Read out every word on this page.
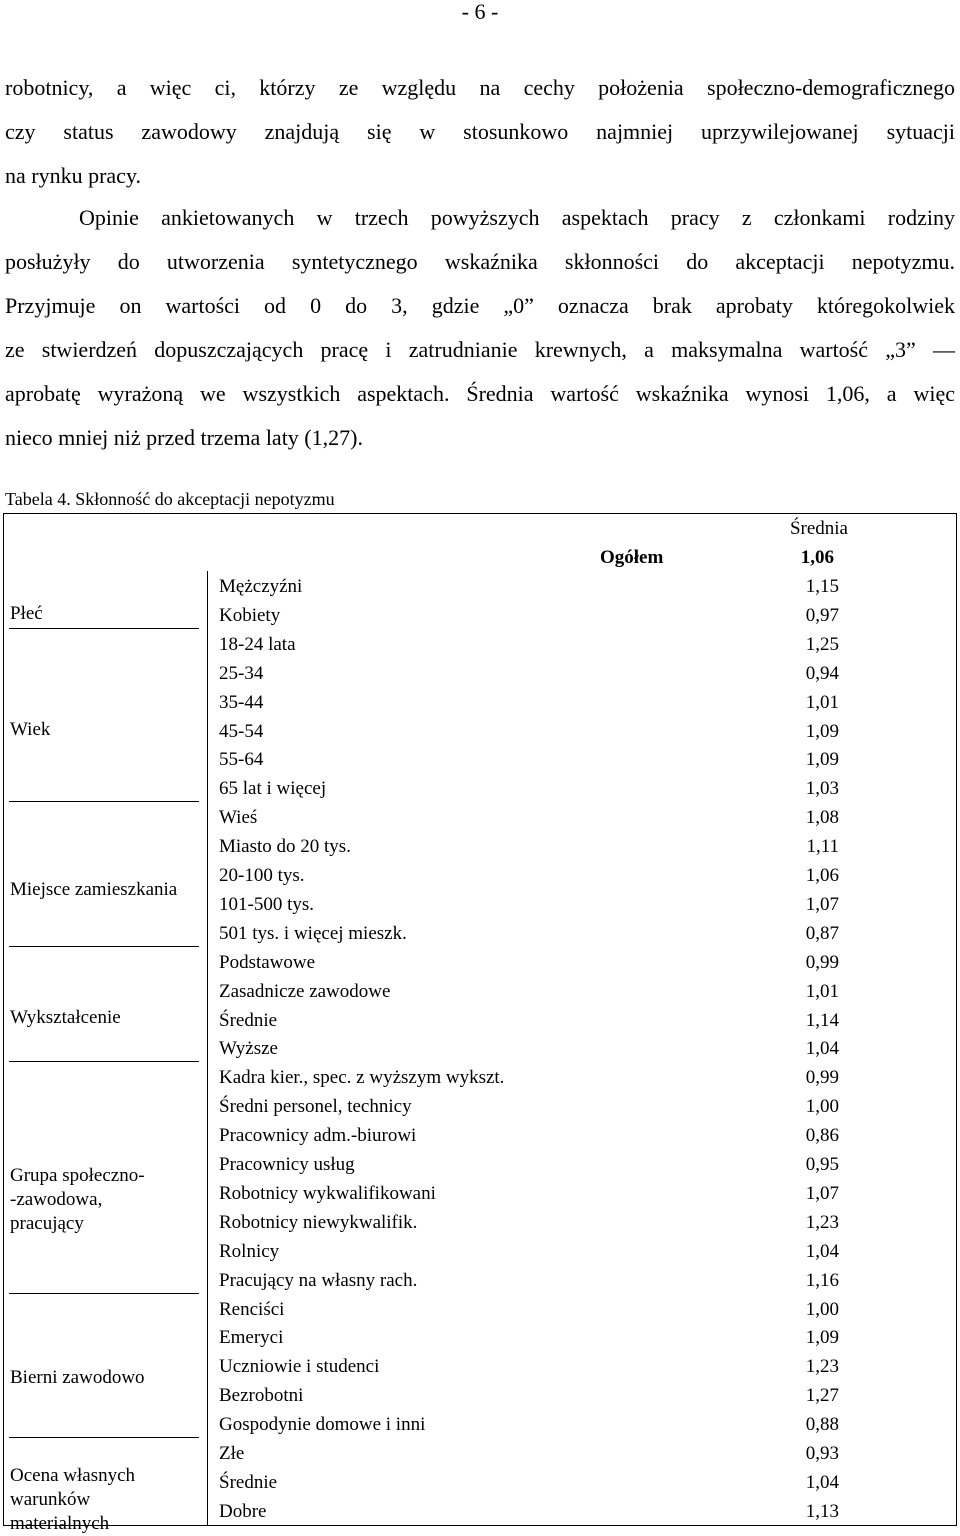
- 6 -
robotnicy, a więc ci, którzy ze względu na cechy położenia społeczno-demograficznego
czy status zawodowy znajdują się w stosunkowo najmniej uprzywilejowanej sytuacji
na rynku pracy.
Opinie ankietowanych w trzech powyższych aspektach pracy z członkami rodziny
posłużyły do utworzenia syntetycznego wskaźnika skłonności do akceptacji nepotyzmu.
Przyjmuje on wartości od 0 do 3, gdzie „0” oznacza brak aprobaty któregokolwiek
ze stwierdzeń dopuszczających pracę i zatrudnianie krewnych, a maksymalna wartość „3” —
aprobatę wyrażoną we wszystkich aspektach. Średnia wartość wskaźnika wynosi 1,06, a więc
nieco mniej niż przed trzema laty (1,27).
Tabela 4. Skłonność do akceptacji nepotyzmu
Średnia
Ogółem	1,06
Płeć
Mężczyźni	1,15
Kobiety	0,97
Wiek
18-24 lata	1,25
25-34	0,94
35-44	1,01
45-54	1,09
55-64	1,09
65 lat i więcej	1,03
Miejsce zamieszkania
Wieś	1,08
Miasto do 20 tys.	1,11
20-100 tys.	1,06
101-500 tys.	1,07
501 tys. i więcej mieszk.	0,87
Wykształcenie
Podstawowe	0,99
Zasadnicze zawodowe	1,01
Średnie	1,14
Wyższe	1,04
Grupa społeczno-
-zawodowa,
pracujący
Kadra kier., spec. z wyższym wykszt.	0,99
Średni personel, technicy	1,00
Pracownicy adm.-biurowi	0,86
Pracownicy usług	0,95
Robotnicy wykwalifikowani	1,07
Robotnicy niewykwalifik.	1,23
Rolnicy	1,04
Pracujący na własny rach.	1,16
Bierni zawodowo
Renciści	1,00
Emeryci	1,09
Uczniowie i studenci	1,23
Bezrobotni	1,27
Gospodynie domowe i inni	0,88
Ocena własnych
warunków
materialnych
Złe	0,93
Średnie	1,04
Dobre	1,13
